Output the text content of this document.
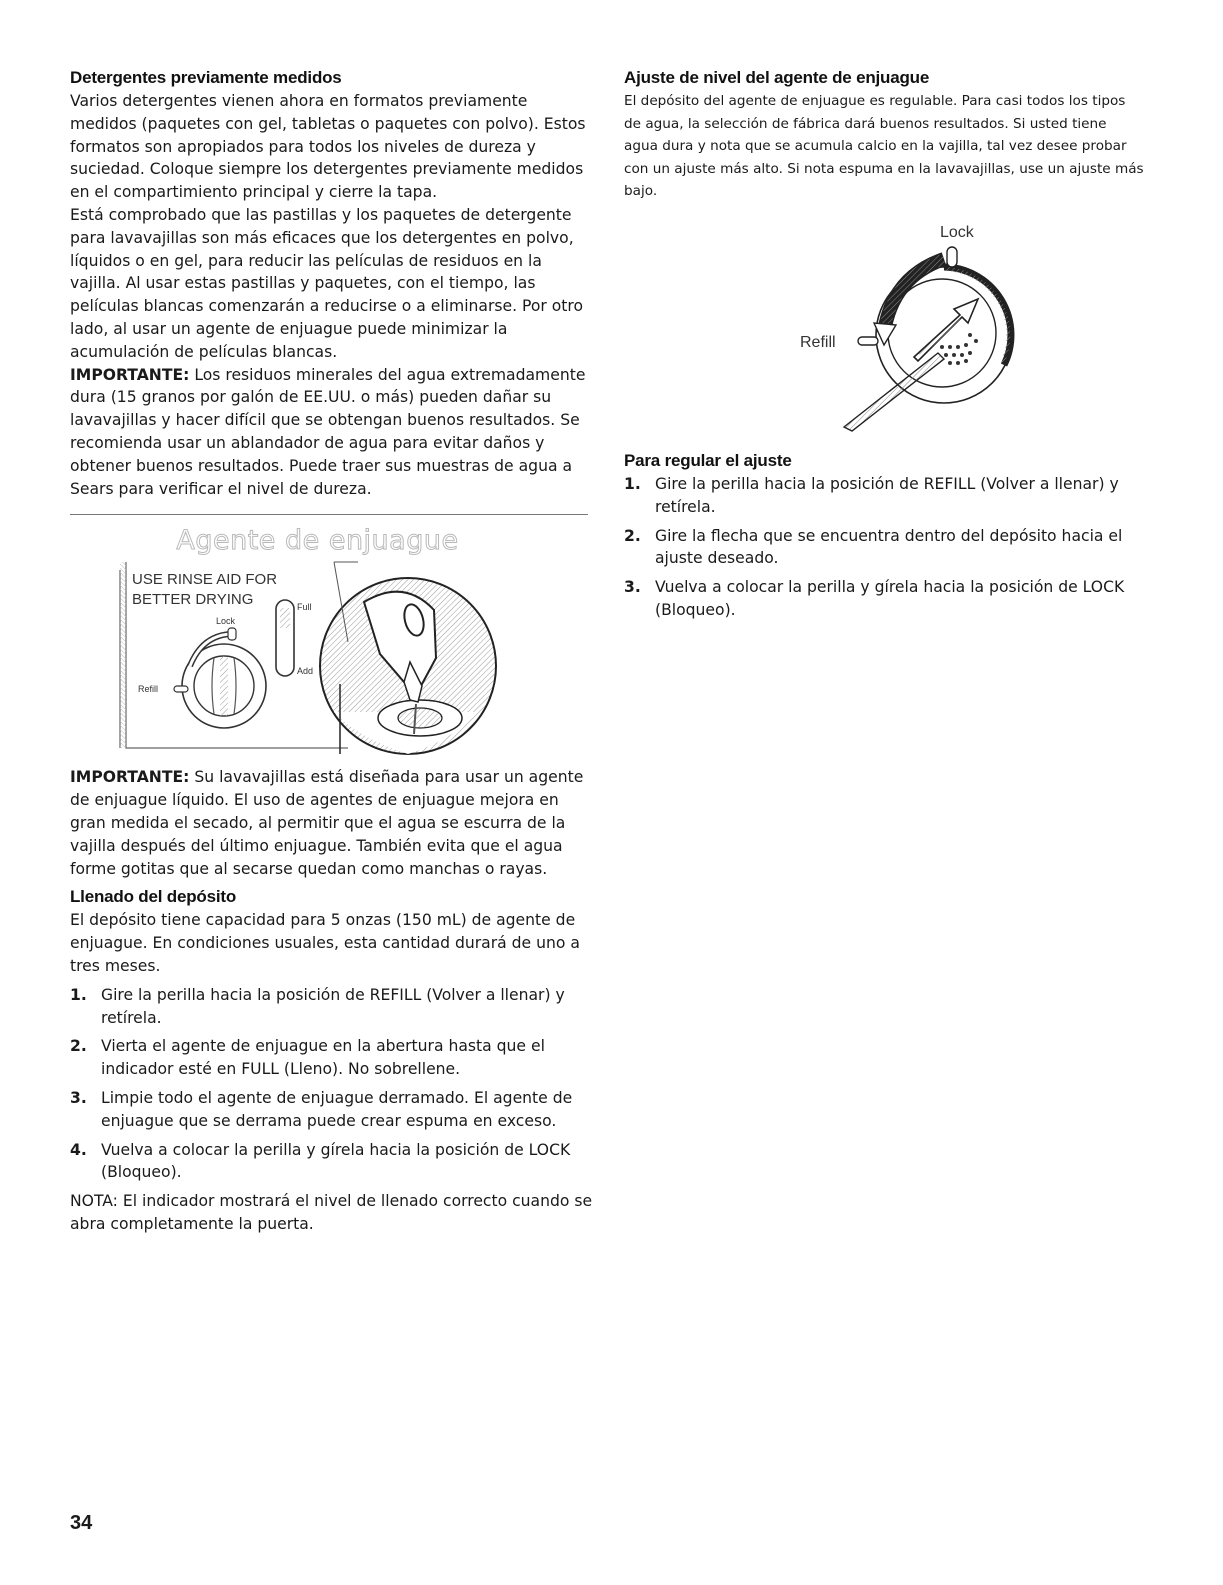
Detergentes previamente medidos

Varios detergentes vienen ahora en formatos previamente medidos (paquetes con gel, tabletas o paquetes con polvo). Estos formatos son apropiados para todos los niveles de dureza y suciedad. Coloque siempre los detergentes previamente medidos en el compartimiento principal y cierre la tapa.

Está comprobado que las pastillas y los paquetes de detergente para lavavajillas son más eficaces que los detergentes en polvo, líquidos o en gel, para reducir las películas de residuos en la vajilla. Al usar estas pastillas y paquetes, con el tiempo, las películas blancas comenzarán a reducirse o a eliminarse. Por otro lado, al usar un agente de enjuague puede minimizar la acumulación de películas blancas.

IMPORTANTE: Los residuos minerales del agua extremadamente dura (15 granos por galón de EE.UU. o más) pueden dañar su lavavajillas y hacer difícil que se obtengan buenos resultados. Se recomienda usar un ablandador de agua para evitar daños y obtener buenos resultados. Puede traer sus muestras de agua a Sears para verificar el nivel de dureza.

Agente de enjuague
USE RINSE AID FOR
BETTER DRYING
Lock
Refill
Full
Add

IMPORTANTE: Su lavavajillas está diseñada para usar un agente de enjuague líquido. El uso de agentes de enjuague mejora en gran medida el secado, al permitir que el agua se escurra de la vajilla después del último enjuague. También evita que el agua forme gotitas que al secarse quedan como manchas o rayas.

Llenado del depósito

El depósito tiene capacidad para 5 onzas (150 mL) de agente de enjuague. En condiciones usuales, esta cantidad durará de uno a tres meses.

1. Gire la perilla hacia la posición de REFILL (Volver a llenar) y retírela.
2. Vierta el agente de enjuague en la abertura hasta que el indicador esté en FULL (Lleno). No sobrellene.
3. Limpie todo el agente de enjuague derramado. El agente de enjuague que se derrama puede crear espuma en exceso.
4. Vuelva a colocar la perilla y gírela hacia la posición de LOCK (Bloqueo).

NOTA: El indicador mostrará el nivel de llenado correcto cuando se abra completamente la puerta.

Ajuste de nivel del agente de enjuague

El depósito del agente de enjuague es regulable. Para casi todos los tipos de agua, la selección de fábrica dará buenos resultados. Si usted tiene agua dura y nota que se acumula calcio en la vajilla, tal vez desee probar con un ajuste más alto. Si nota espuma en la lavavajillas, use un ajuste más bajo.

Lock
Refill
Para regular el ajuste
1. Gire la perilla hacia la posición de REFILL (Volver a llenar) y retírela.
2. Gire la flecha que se encuentra dentro del depósito hacia el ajuste deseado.
3. Vuelva a colocar la perilla y gírela hacia la posición de LOCK (Bloqueo).
34
